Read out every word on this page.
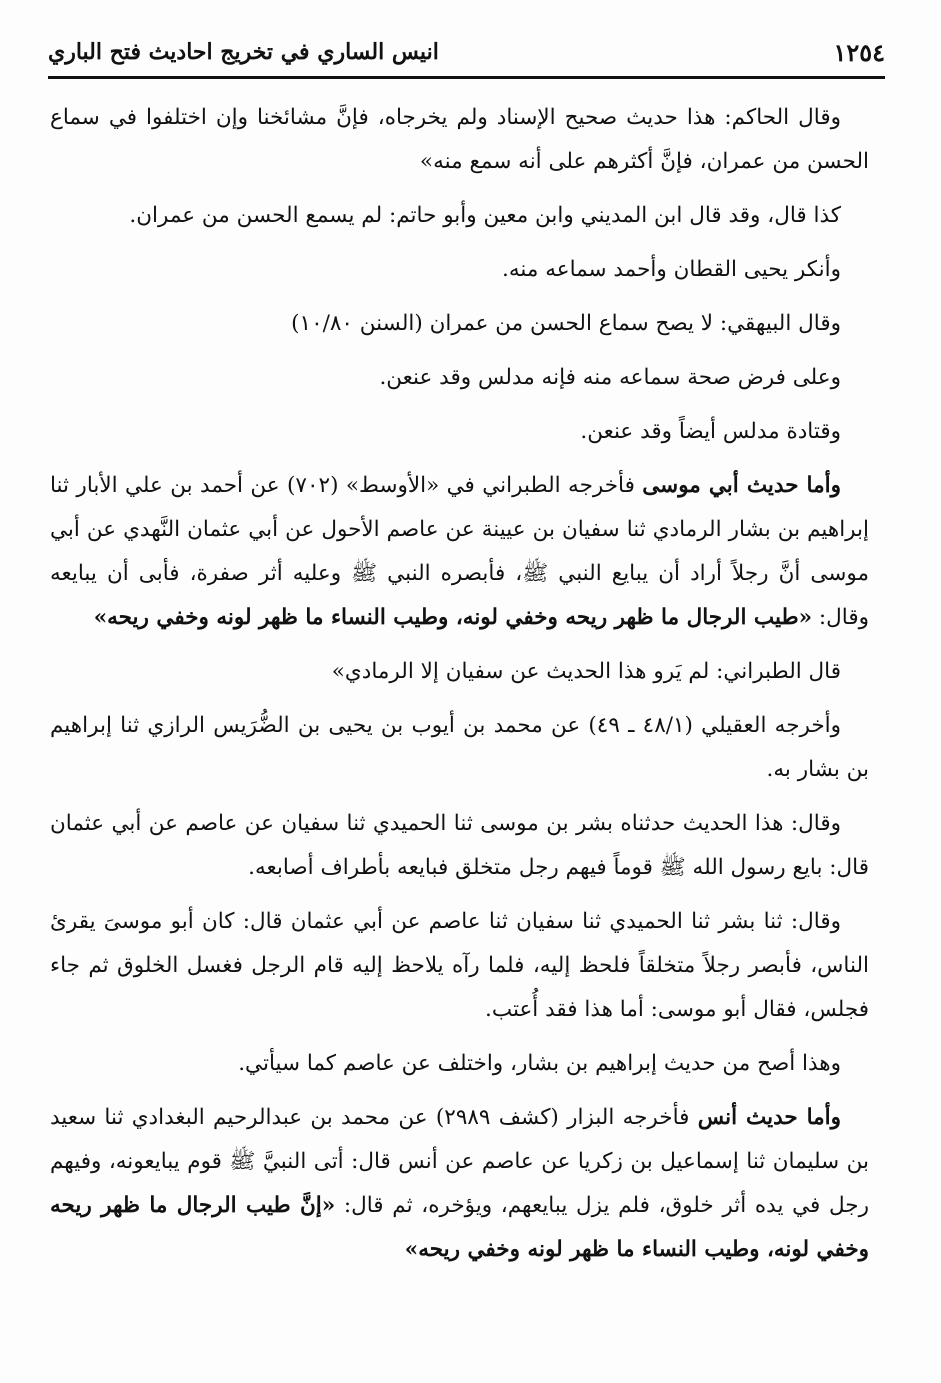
انيس الساري في تخريج احاديث فتح الباري	١٢٥٤

وقال الحاكم: هذا حديث صحيح الإسناد ولم يخرجاه، فإنَّ مشائخنا وإن اختلفوا في سماع الحسن من عمران، فإنَّ أكثرهم على أنه سمع منه»

كذا قال، وقد قال ابن المديني وابن معين وأبو حاتم: لم يسمع الحسن من عمران.

وأنكر يحيى القطان وأحمد سماعه منه.

وقال البيهقي: لا يصح سماع الحسن من عمران (السنن ١٠/٨٠)

وعلى فرض صحة سماعه منه فإنه مدلس وقد عنعن.

وقتادة مدلس أيضاً وقد عنعن.

وأما حديث أبي موسى فأخرجه الطبراني في «الأوسط» (٧٠٢) عن أحمد بن علي الأبار ثنا إبراهيم بن بشار الرمادي ثنا سفيان بن عيينة عن عاصم الأحول عن أبي عثمان النَّهدي عن أبي موسى أنَّ رجلاً أراد أن يبايع النبي ﷺ، فأبصره النبي ﷺ وعليه أثر صفرة، فأبى أن يبايعه وقال: «طيب الرجال ما ظهر ريحه وخفي لونه، وطيب النساء ما ظهر لونه وخفي ريحه»

قال الطبراني: لم يَرو هذا الحديث عن سفيان إلا الرمادي»

وأخرجه العقيلي (٤٨/١ ـ ٤٩) عن محمد بن أيوب بن يحيى بن الضُّرَيس الرازي ثنا إبراهيم بن بشار به.

وقال: هذا الحديث حدثناه بشر بن موسى ثنا الحميدي ثنا سفيان عن عاصم عن أبي عثمان قال: بايع رسول الله ﷺ قوماً فيهم رجل متخلق فبايعه بأطراف أصابعه.

وقال: ثنا بشر ثنا الحميدي ثنا سفيان ثنا عاصم عن أبي عثمان قال: كان أبو موسىَ يقرئ الناس، فأبصر رجلاً متخلقاً فلحظ إليه، فلما رآه يلاحظ إليه قام الرجل فغسل الخلوق ثم جاء فجلس، فقال أبو موسى: أما هذا فقد أُعتب.

وهذا أصح من حديث إبراهيم بن بشار، واختلف عن عاصم كما سيأتي.

وأما حديث أنس فأخرجه البزار (كشف ٢٩٨٩) عن محمد بن عبدالرحيم البغدادي ثنا سعيد بن سليمان ثنا إسماعيل بن زكريا عن عاصم عن أنس قال: أتى النبيَّ ﷺ قوم يبايعونه، وفيهم رجل في يده أثر خلوق، فلم يزل يبايعهم، ويؤخره، ثم قال: «إنَّ طيب الرجال ما ظهر ريحه وخفي لونه، وطيب النساء ما ظهر لونه وخفي ريحه»
